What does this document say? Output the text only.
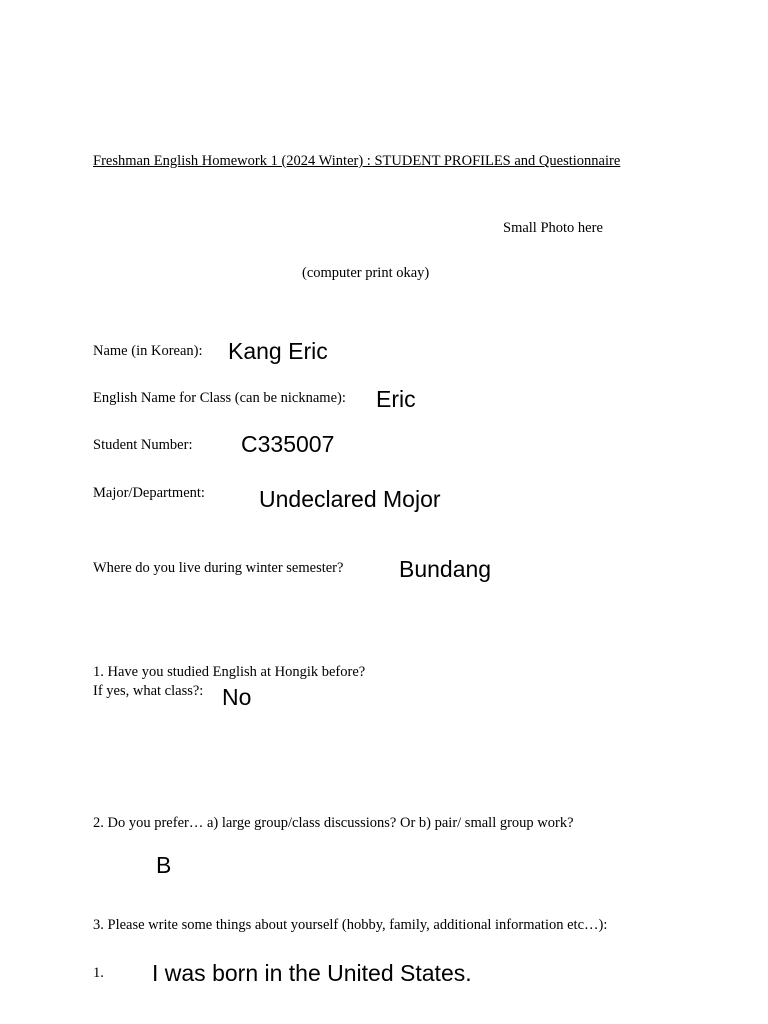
Freshman English Homework 1 (2024 Winter) : STUDENT PROFILES and Questionnaire
Small Photo here
(computer print okay)
Name (in Korean): Kang Eric
English Name for Class (can be nickname): Eric
Student Number: C335007
Major/Department: Undeclared Mojor
Where do you live during winter semester? Bundang
1. Have you studied English at Hongik before?
If yes, what class?: No
2. Do you prefer… a) large group/class discussions? Or b) pair/ small group work?
B
3. Please write some things about yourself (hobby, family, additional information etc…):
1. I was born in the United States.
